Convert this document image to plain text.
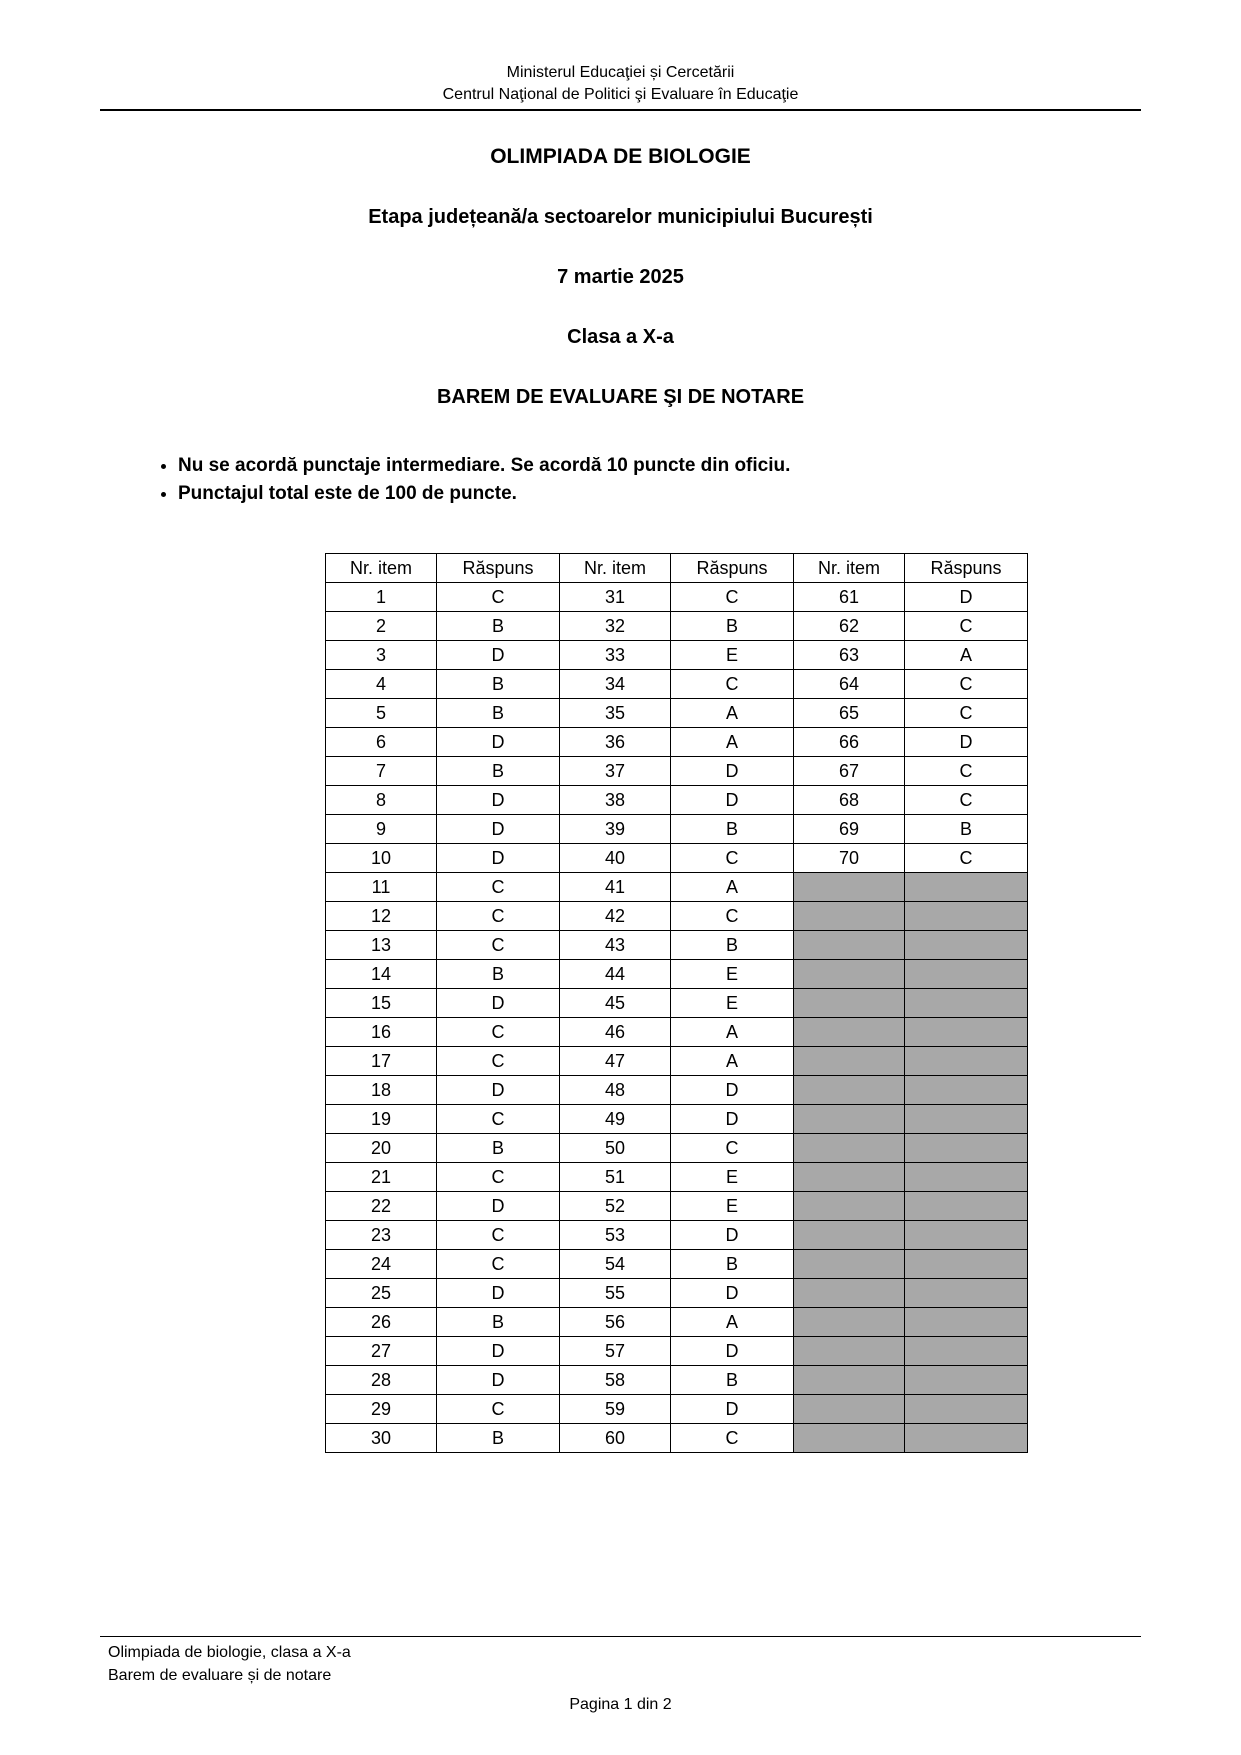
Ministerul Educaţiei și Cercetării
Centrul Naţional de Politici şi Evaluare în Educaţie
OLIMPIADA DE BIOLOGIE
Etapa județeană/a sectoarelor municipiului București
7 martie 2025
Clasa a X-a
BAREM DE EVALUARE ŞI DE NOTARE
• Nu se acordă punctaje intermediare. Se acordă 10 puncte din oficiu.
• Punctajul total este de 100 de puncte.
Nr. item	Răspuns	Nr. item	Răspuns	Nr. item	Răspuns
1	C	31	C	61	D
2	B	32	B	62	C
3	D	33	E	63	A
4	B	34	C	64	C
5	B	35	A	65	C
6	D	36	A	66	D
7	B	37	D	67	C
8	D	38	D	68	C
9	D	39	B	69	B
10	D	40	C	70	C
11	C	41	A		
12	C	42	C		
13	C	43	B		
14	B	44	E		
15	D	45	E		
16	C	46	A		
17	C	47	A		
18	D	48	D		
19	C	49	D		
20	B	50	C		
21	C	51	E		
22	D	52	E		
23	C	53	D		
24	C	54	B		
25	D	55	D		
26	B	56	A		
27	D	57	D		
28	D	58	B		
29	C	59	D		
30	B	60	C		
Olimpiada de biologie, clasa a X-a
Barem de evaluare și de notare
Pagina 1 din 2
